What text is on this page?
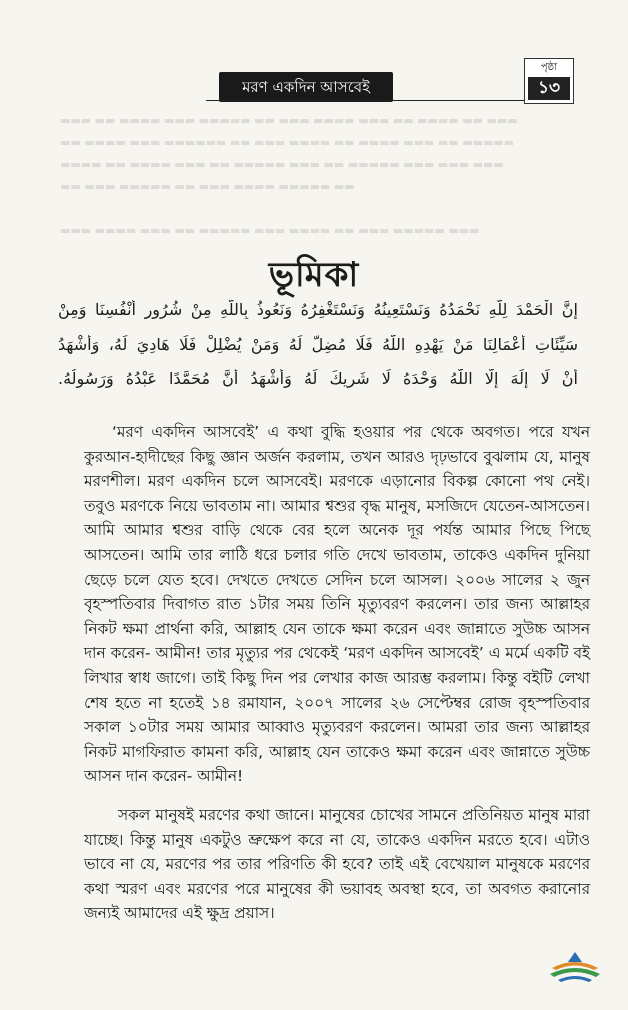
▬▬▬ ▬▬ ▬▬▬▬ ▬▬▬ ▬▬▬▬▬ ▬▬ ▬▬▬ ▬▬▬▬ ▬▬▬ ▬▬ ▬▬▬▬ ▬▬ ▬▬▬
▬▬ ▬▬▬▬ ▬▬▬ ▬▬▬▬▬▬ ▬▬ ▬▬▬ ▬▬▬▬ ▬▬ ▬▬▬▬ ▬▬▬ ▬▬ ▬▬▬▬▬
▬▬▬▬ ▬▬ ▬▬▬▬ ▬▬▬ ▬▬ ▬▬▬▬▬ ▬▬▬ ▬▬ ▬▬▬▬▬ ▬▬▬ ▬▬▬ ▬▬▬
▬▬ ▬▬▬ ▬▬▬▬▬ ▬▬ ▬▬▬ ▬▬▬▬ ▬▬▬▬▬ ▬▬

▬▬▬ ▬▬▬▬ ▬▬▬ ▬▬ ▬▬▬▬▬ ▬▬▬ ▬▬▬▬ ▬▬ ▬▬▬ ▬▬▬▬▬ ▬▬▬
মরণ একদিন আসবেই
পৃষ্ঠা
১৩
ভূমিকা
إِنَّ الْحَمْدَ لِلَّهِ نَحْمَدُهُ وَنَسْتَعِينُهُ وَنَسْتَغْفِرُهُ وَنَعُوذُ بِاللَّهِ مِنْ شُرُورِ أَنْفُسِنَا وَمِنْ
سَيِّئَاتِ أَعْمَالِنَا مَنْ يَهْدِهِ اللَّهُ فَلَا مُضِلَّ لَهُ وَمَنْ يُضْلِلْ فَلَا هَادِيَ لَهُ، وَأَشْهَدُ
أَنْ لَا إِلَهَ إِلَّا اللَّهُ وَحْدَهُ لَا شَرِيكَ لَهُ وَأَشْهَدُ أَنَّ مُحَمَّدًا عَبْدُهُ وَرَسُولُهُ.

‘মরণ একদিন আসবেই’ এ কথা বুদ্ধি হওয়ার পর থেকে অবগত। পরে যখন কুরআন-হাদীছের কিছু জ্ঞান অর্জন করলাম, তখন আরও দৃঢ়ভাবে বুঝলাম যে, মানুষ মরণশীল। মরণ একদিন চলে আসবেই। মরণকে এড়ানোর বিকল্প কোনো পথ নেই। তবুও মরণকে নিয়ে ভাবতাম না। আমার শ্বশুর বৃদ্ধ মানুষ, মসজিদে যেতেন-আসতেন। আমি আমার শ্বশুর বাড়ি থেকে বের হলে অনেক দূর পর্যন্ত আমার পিছে পিছে আসতেন। আমি তার লাঠি ধরে চলার গতি দেখে ভাবতাম, তাকেও একদিন দুনিয়া ছেড়ে চলে যেত হবে। দেখতে দেখতে সেদিন চলে আসল। ২০০৬ সালের ২ জুন বৃহস্পতিবার দিবাগত রাত ১টার সময় তিনি মৃত্যুবরণ করলেন। তার জন্য আল্লাহর নিকট ক্ষমা প্রার্থনা করি, আল্লাহ যেন তাকে ক্ষমা করেন এবং জান্নাতে সুউচ্চ আসন দান করেন- আমীন! তার মৃত্যুর পর থেকেই ‘মরণ একদিন আসবেই’ এ মর্মে একটি বই লিখার স্বাধ জাগে। তাই কিছু দিন পর লেখার কাজ আরম্ভ করলাম। কিন্তু বইটি লেখা শেষ হতে না হতেই ১৪ রমাযান, ২০০৭ সালের ২৬ সেপ্টেম্বর রোজ বৃহস্পতিবার সকাল ১০টার সময় আমার আব্বাও মৃত্যুবরণ করলেন। আমরা তার জন্য আল্লাহর নিকট মাগফিরাত কামনা করি, আল্লাহ যেন তাকেও ক্ষমা করেন এবং জান্নাতে সুউচ্চ আসন দান করেন- আমীন!

সকল মানুষই মরণের কথা জানে। মানুষের চোখের সামনে প্রতিনিয়ত মানুষ মারা যাচ্ছে। কিন্তু মানুষ একটুও ভ্রুক্ষেপ করে না যে, তাকেও একদিন মরতে হবে। এটাও ভাবে না যে, মরণের পর তার পরিণতি কী হবে? তাই এই বেখেয়াল মানুষকে মরণের কথা স্মরণ এবং মরণের পরে মানুষের কী ভয়াবহ অবস্থা হবে, তা অবগত করানোর জন্যই আমাদের এই ক্ষুদ্র প্রয়াস।
